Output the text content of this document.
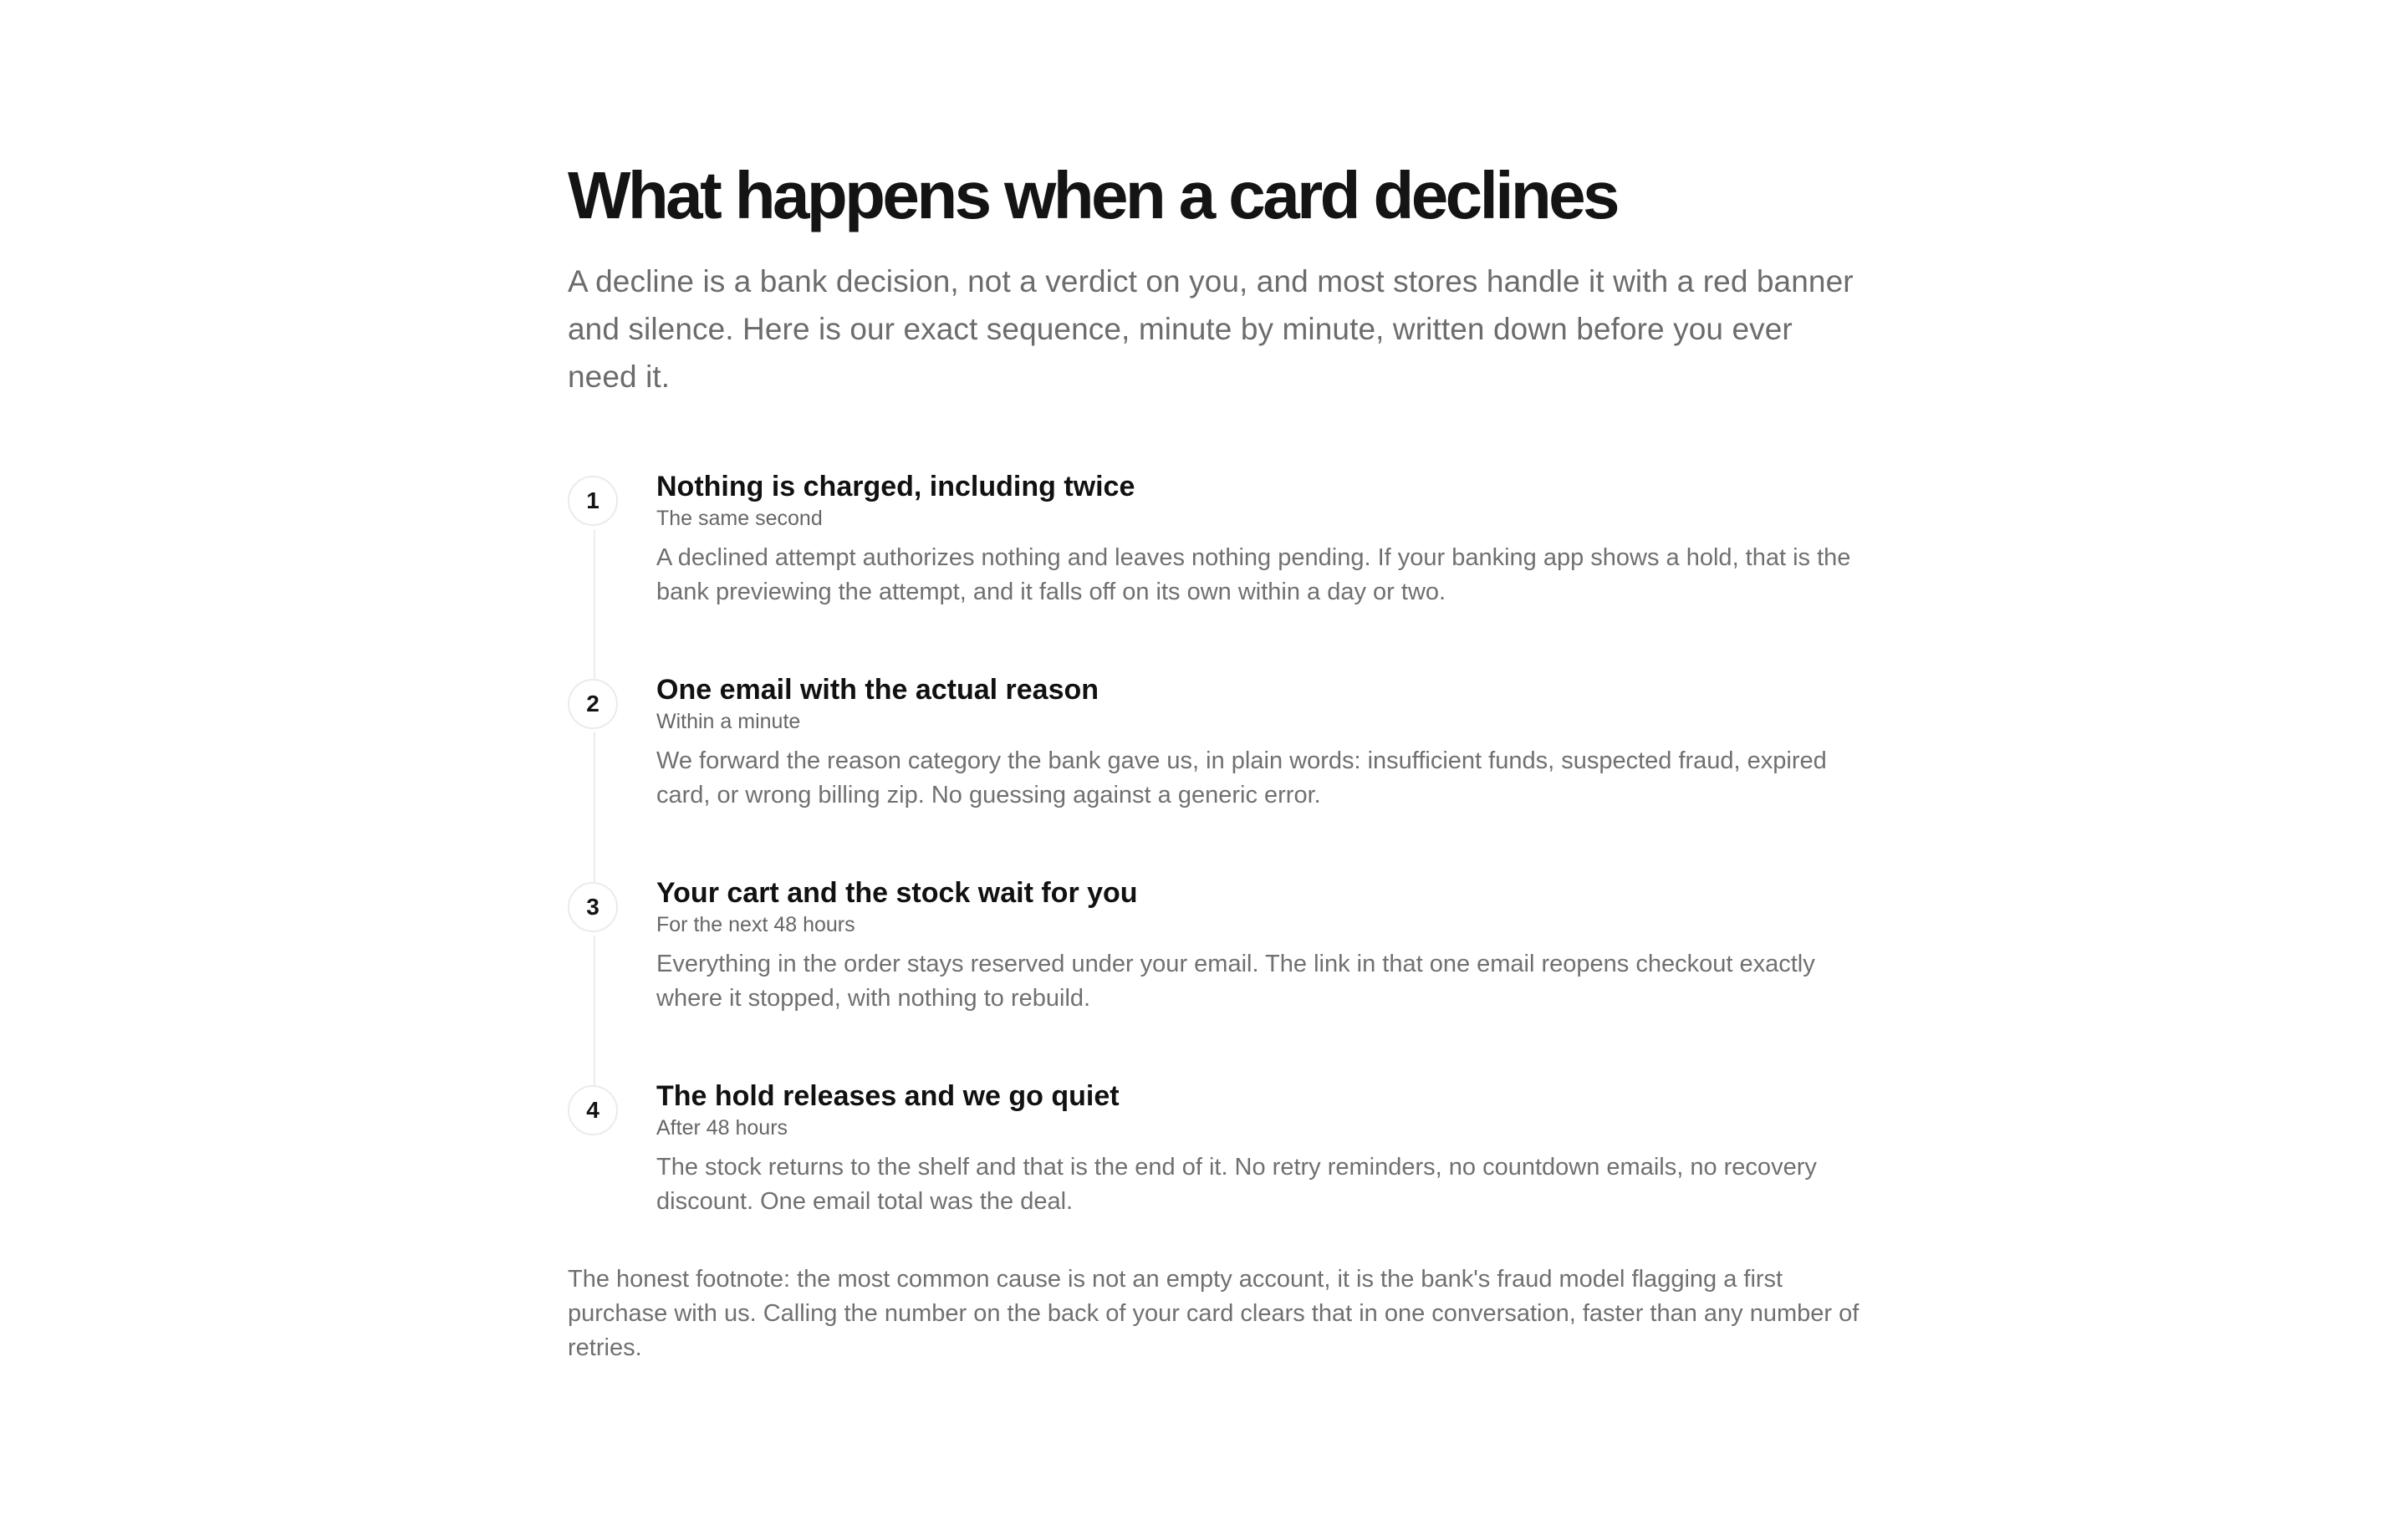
What happens when a card declines

A decline is a bank decision, not a verdict on you, and most stores handle it with a red banner and silence. Here is our exact sequence, minute by minute, written down before you ever need it.

1	Nothing is charged, including twice

The same second

A declined attempt authorizes nothing and leaves nothing pending. If your banking app shows a hold, that is the bank previewing the attempt, and it falls off on its own within a day or two.

2	One email with the actual reason

Within a minute

We forward the reason category the bank gave us, in plain words: insufficient funds, suspected fraud, expired card, or wrong billing zip. No guessing against a generic error.

3	Your cart and the stock wait for you

For the next 48 hours

Everything in the order stays reserved under your email. The link in that one email reopens checkout exactly where it stopped, with nothing to rebuild.

4	The hold releases and we go quiet

After 48 hours

The stock returns to the shelf and that is the end of it. No retry reminders, no countdown emails, no recovery discount. One email total was the deal.

The honest footnote: the most common cause is not an empty account, it is the bank's fraud model flagging a first purchase with us. Calling the number on the back of your card clears that in one conversation, faster than any number of retries.
